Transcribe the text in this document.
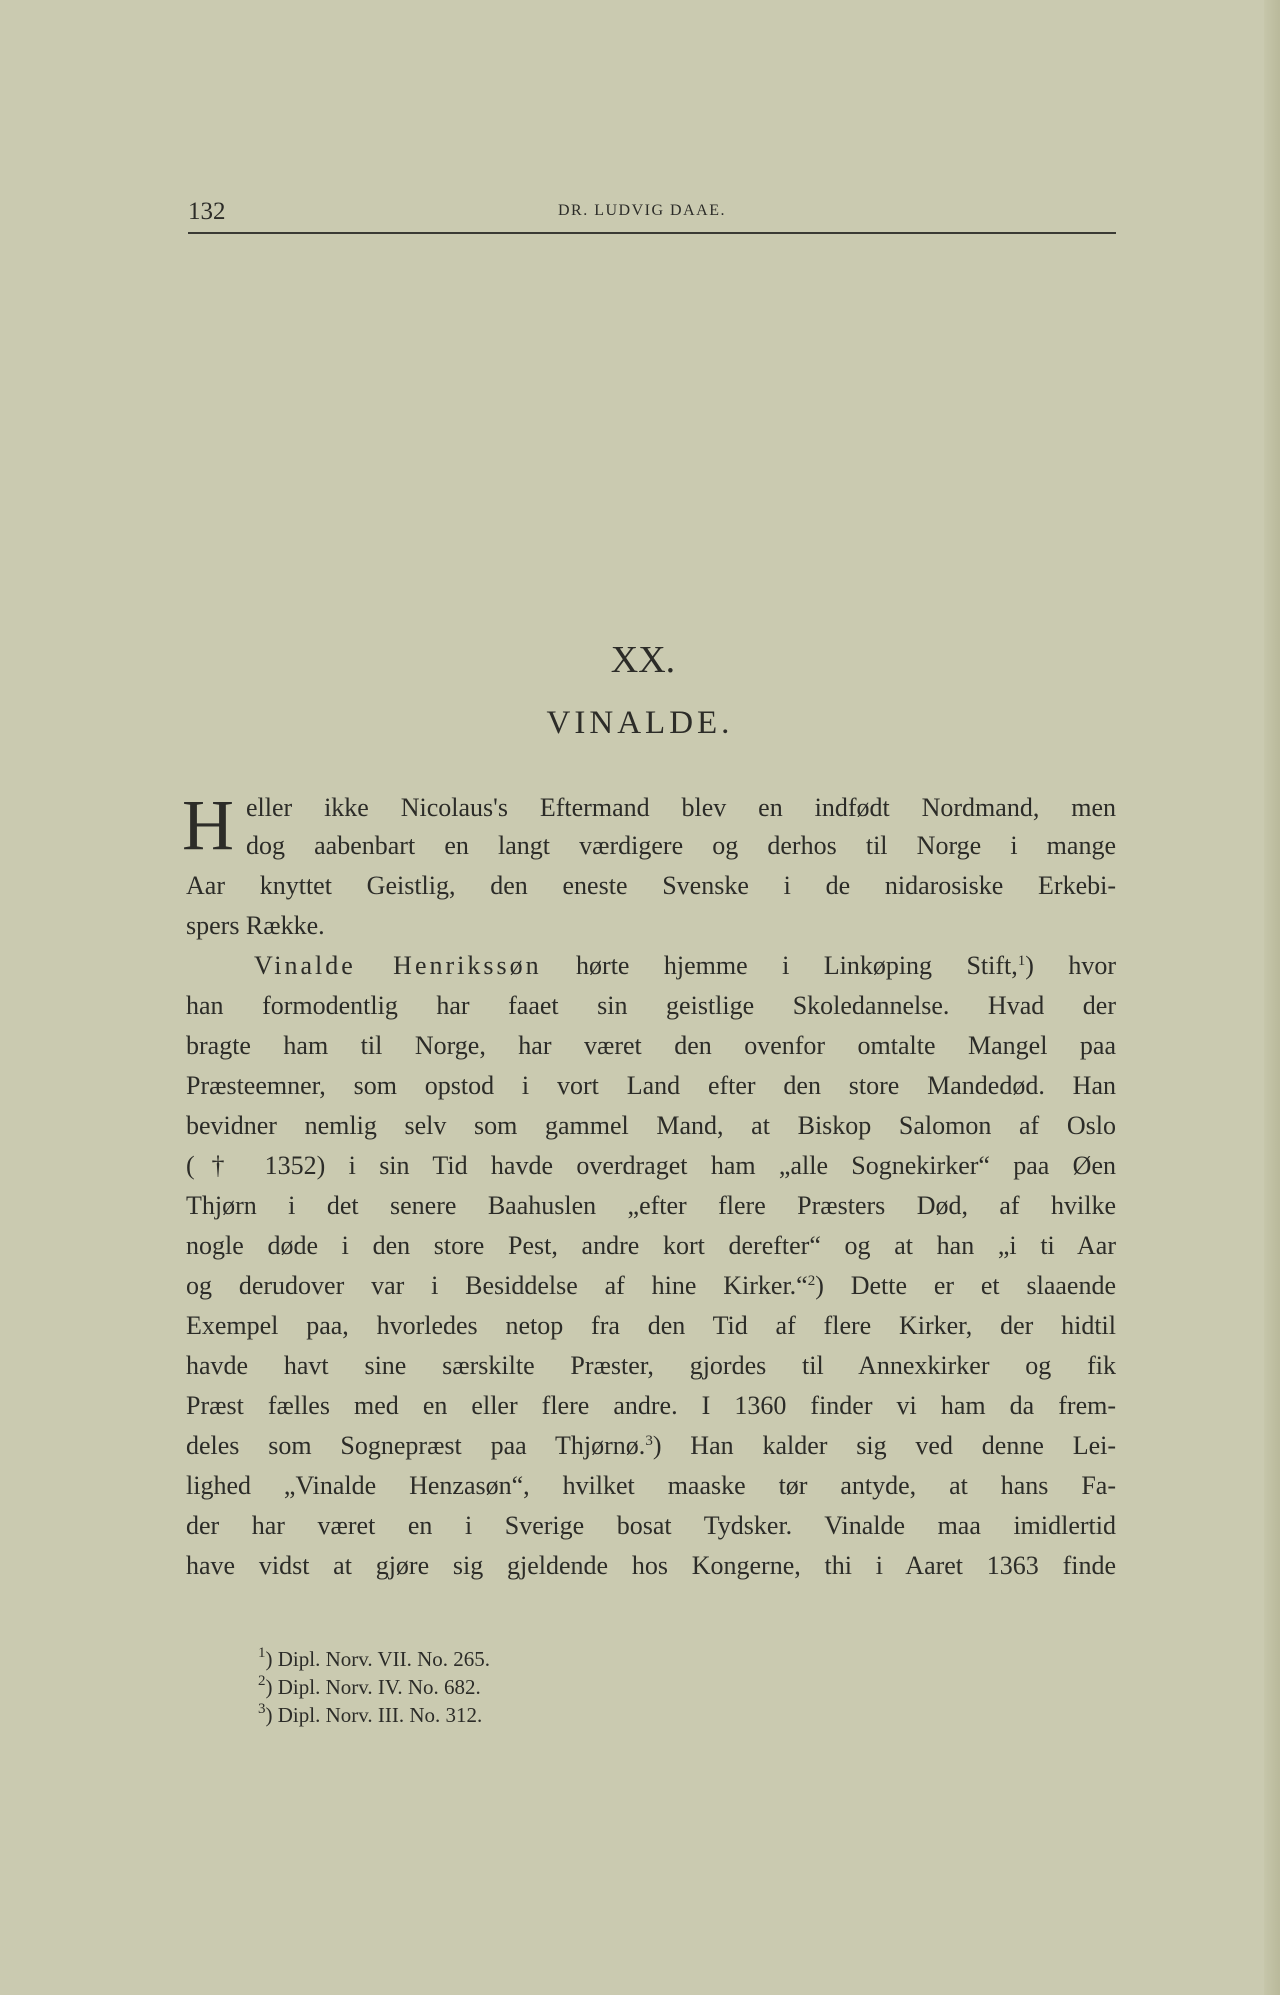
132	DR. LUDVIG DAAE.
XX.
VINALDE.
H eller ikke Nicolaus's Eftermand blev en indfødt Nordmand, men
dog aabenbart en langt værdigere og derhos til Norge i mange
Aar knyttet Geistlig, den eneste Svenske i de nidarosiske Erkebi-
spers Række.
Vinalde Henrikssøn hørte hjemme i Linkøping Stift,$^1$) hvor
han formodentlig har faaet sin geistlige Skoledannelse. Hvad der
bragte ham til Norge, har været den ovenfor omtalte Mangel paa
Præsteemner, som opstod i vort Land efter den store Mandedød. Han
bevidner nemlig selv som gammel Mand, at Biskop Salomon af Oslo
(† 1352) i sin Tid havde overdraget ham „alle Sognekirker“ paa Øen
Thjørn i det senere Baahuslen „efter flere Præsters Død, af hvilke
nogle døde i den store Pest, andre kort derefter“ og at han „i ti Aar
og derudover var i Besiddelse af hine Kirker.“$^2$) Dette er et slaaende
Exempel paa, hvorledes netop fra den Tid af flere Kirker, der hidtil
havde havt sine særskilte Præster, gjordes til Annexkirker og fik
Præst fælles med en eller flere andre. I 1360 finder vi ham da frem-
deles som Sognepræst paa Thjørnø.$^3$) Han kalder sig ved denne Lei-
lighed „Vinalde Henzasøn“, hvilket maaske tør antyde, at hans Fa-
der har været en i Sverige bosat Tydsker. Vinalde maa imidlertid
have vidst at gjøre sig gjeldende hos Kongerne, thi i Aaret 1363 finde
$^1$) Dipl. Norv. VII. No. 265.
$^2$) Dipl. Norv. IV. No. 682.
$^3$) Dipl. Norv. III. No. 312.
